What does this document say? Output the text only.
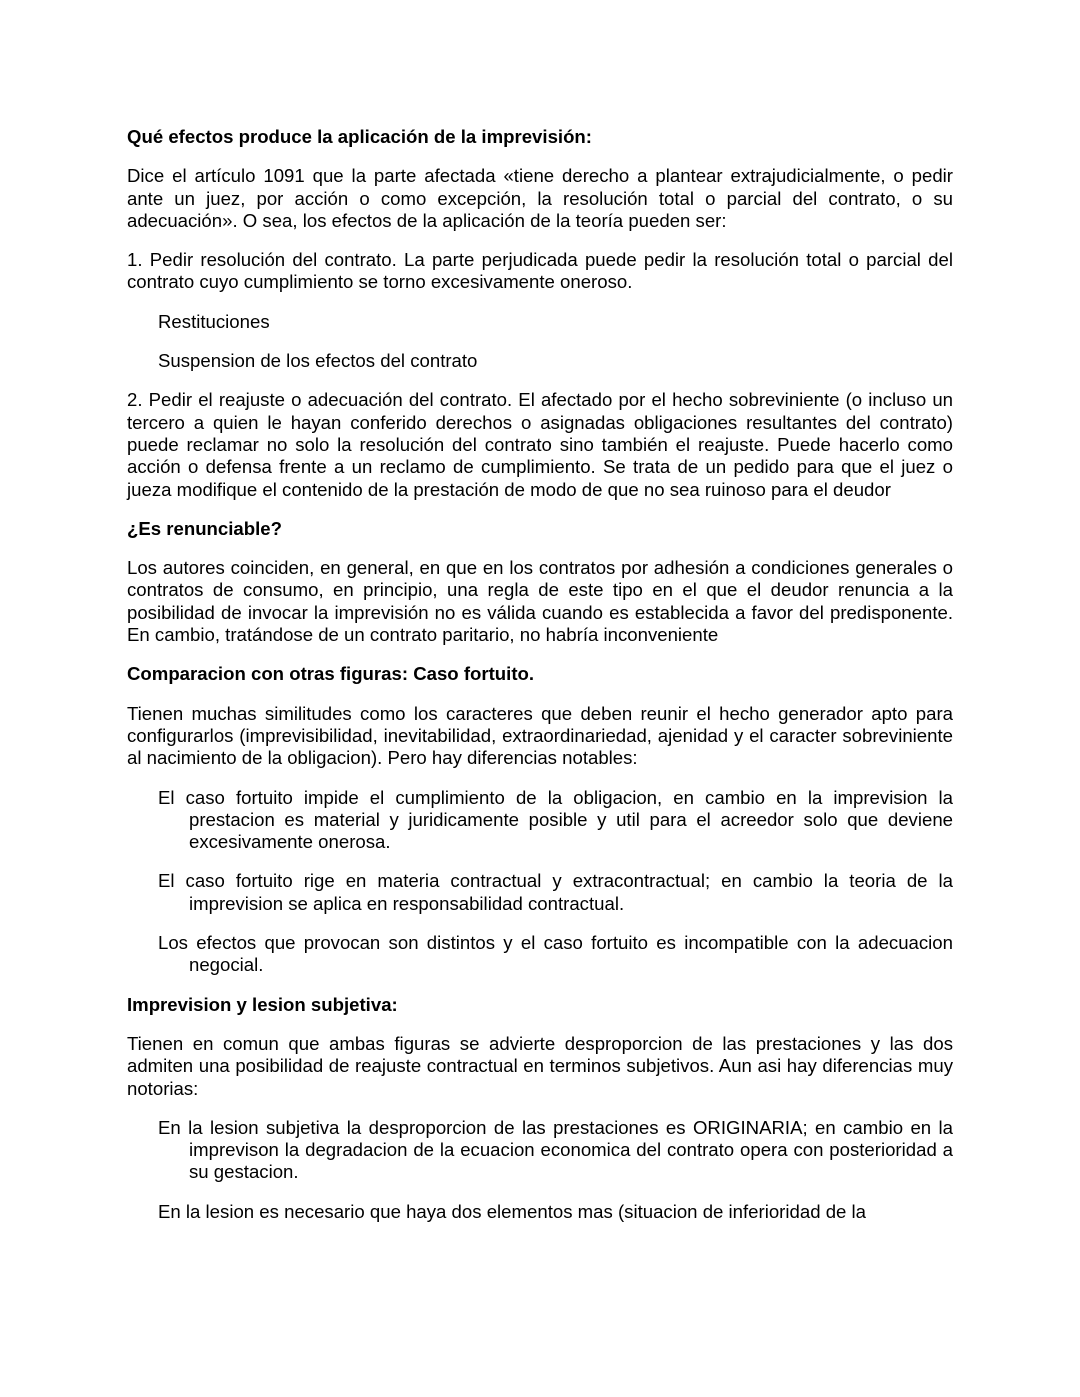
Qué efectos produce la aplicación de la imprevisión:
Dice el artículo 1091 que la parte afectada «tiene derecho a plantear extrajudicialmente, o pedir ante un juez, por acción o como excepción, la resolución total o parcial del contrato, o su adecuación». O sea, los efectos de la aplicación de la teoría pueden ser:
1. Pedir resolución del contrato. La parte perjudicada puede pedir la resolución total o parcial del contrato cuyo cumplimiento se torno excesivamente oneroso.
Restituciones
Suspension de los efectos del contrato
2. Pedir el reajuste o adecuación del contrato. El afectado por el hecho sobreviniente (o incluso un tercero a quien le hayan conferido derechos o asignadas obligaciones resultantes del contrato) puede reclamar no solo la resolución del contrato sino también el reajuste. Puede hacerlo como acción o defensa frente a un reclamo de cumplimiento. Se trata de un pedido para que el juez o jueza modifique el contenido de la prestación de modo de que no sea ruinoso para el deudor
¿Es renunciable?
Los autores coinciden, en general, en que en los contratos por adhesión a condiciones generales o contratos de consumo, en principio, una regla de este tipo en el que el deudor renuncia a la posibilidad de invocar la imprevisión no es válida cuando es establecida a favor del predisponente. En cambio, tratándose de un contrato paritario, no habría inconveniente
Comparacion con otras figuras: Caso fortuito.
Tienen muchas similitudes como los caracteres que deben reunir el hecho generador apto para configurarlos (imprevisibilidad, inevitabilidad, extraordinariedad, ajenidad y el caracter sobreviniente al nacimiento de la obligacion). Pero hay diferencias notables:
El caso fortuito impide el cumplimiento de la obligacion, en cambio en la imprevision la prestacion es material y juridicamente posible y util para el acreedor solo que deviene excesivamente onerosa.
El caso fortuito rige en materia contractual y extracontractual; en cambio la teoria de la imprevision se aplica en responsabilidad contractual.
Los efectos que provocan son distintos y el caso fortuito es incompatible con la adecuacion negocial.
Imprevision y lesion subjetiva:
Tienen en comun que ambas figuras se advierte desproporcion de las prestaciones y las dos admiten una posibilidad de reajuste contractual en terminos subjetivos. Aun asi hay diferencias muy notorias:
En la lesion subjetiva la desproporcion de las prestaciones es ORIGINARIA; en cambio en la imprevison la degradacion de la ecuacion economica del contrato opera con posterioridad a su gestacion.
En la lesion es necesario que haya dos elementos mas (situacion de inferioridad de la
